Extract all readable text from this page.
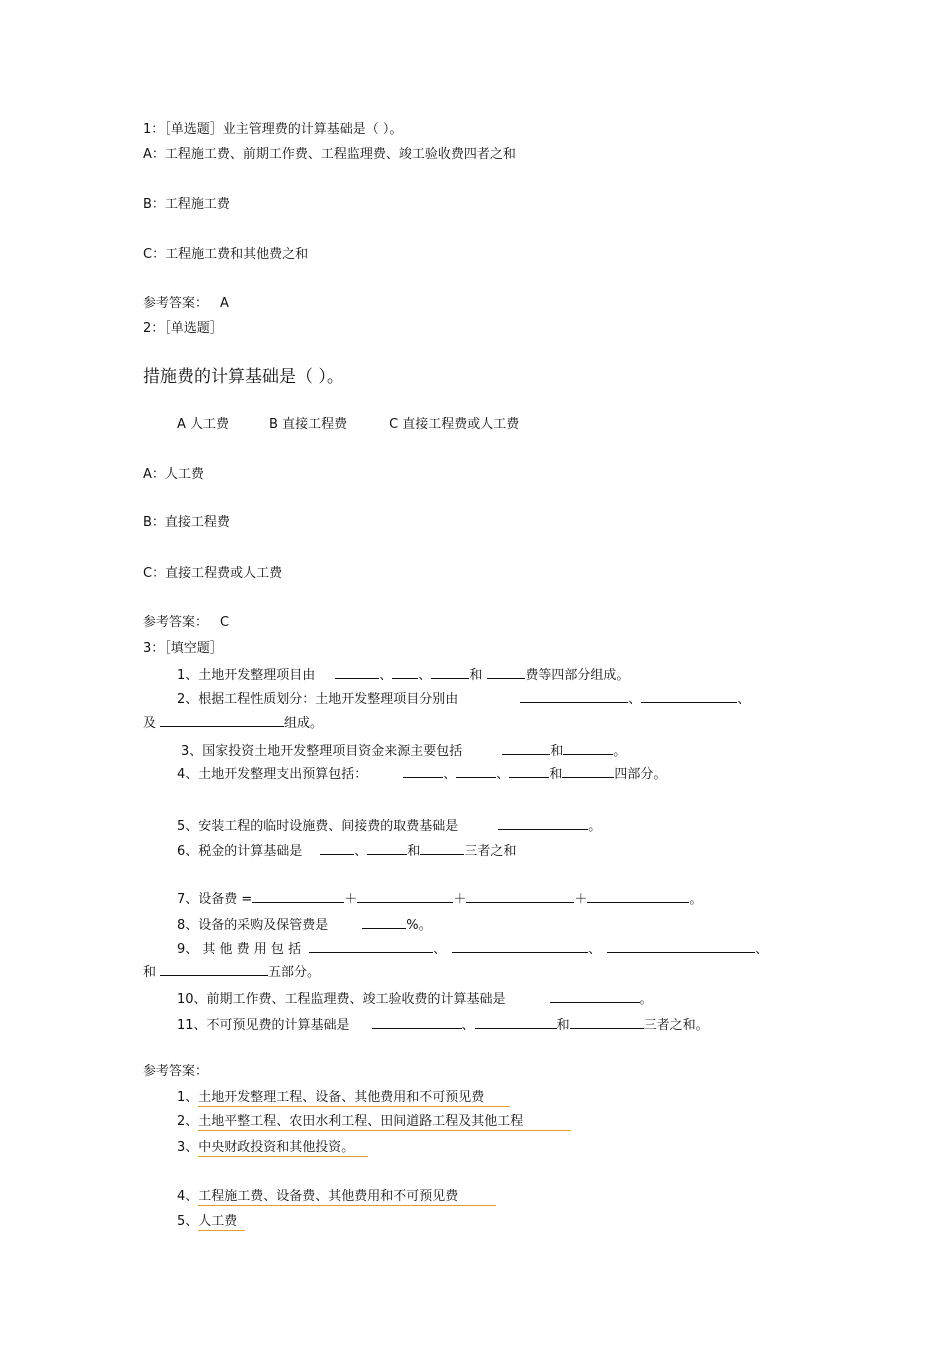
1：［单选题］业主管理费的计算基础是（ ）。
A：工程施工费、前期工作费、工程监理费、竣工验收费四者之和
B：工程施工费
C：工程施工费和其他费之和
参考答案： A
2：［单选题］
措施费的计算基础是（ ）。
A 人工费	B 直接工程费	C 直接工程费或人工费
A：人工费
B：直接工程费
C：直接工程费或人工费
参考答案： C
3：［填空题］
1、土地开发整理项目由	、 、	和	费等四部分组成。
2、根据工程性质划分：土地开发整理项目分别由	、	、
及	组成。
3、国家投资土地开发整理项目资金来源主要包括	和	。
4、土地开发整理支出预算包括：	、	、	和	四部分。
5、安装工程的临时设施费、间接费的取费基础是	。
6、税金的计算基础是	、	和	三者之和
7、设备费 =	＋	＋	＋	。
8、设备的采购及保管费是	%。
9、 其 他 费 用 包 括	、	、	、
和	五部分。
10、前期工作费、工程监理费、竣工验收费的计算基础是	。
11、不可预见费的计算基础是	、	和	三者之和。
参考答案：
1、土地开发整理工程、设备、其他费用和不可预见费
2、土地平整工程、农田水利工程、田间道路工程及其他工程
3、中央财政投资和其他投资。
4、工程施工费、设备费、其他费用和不可预见费
5、人工费
